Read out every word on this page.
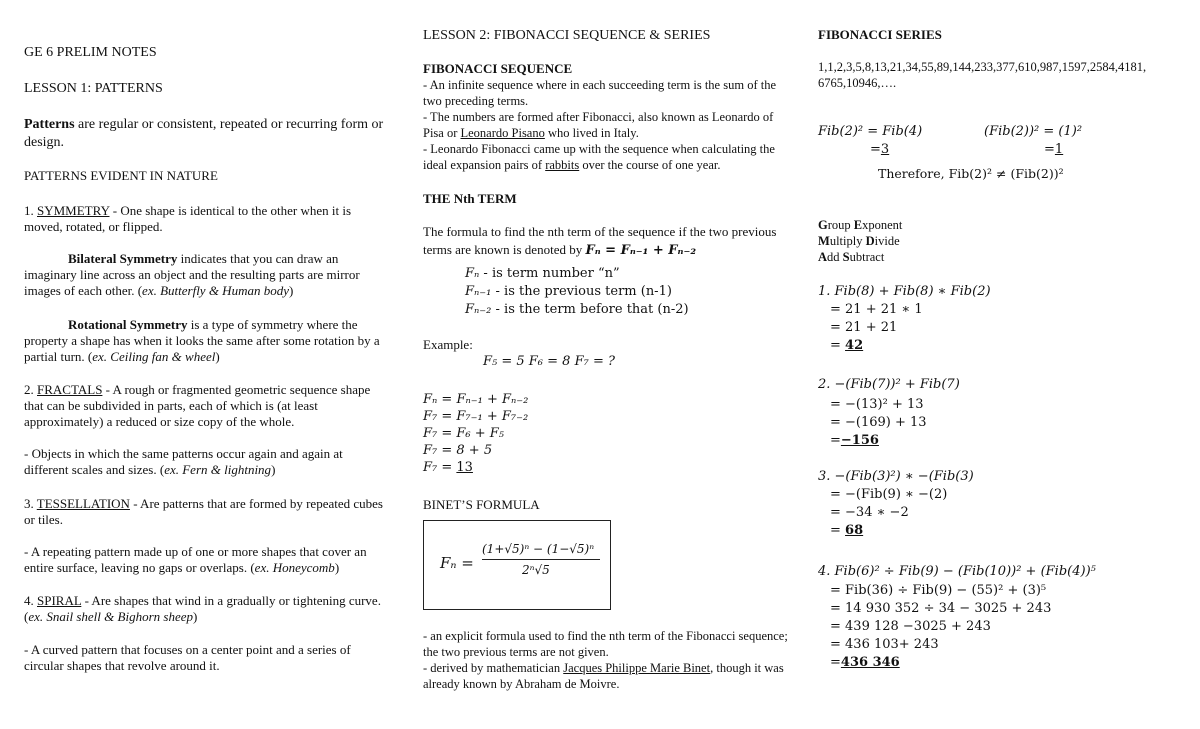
GE 6 PRELIM NOTES

LESSON 1: PATTERNS

Patterns are regular or consistent, repeated or recurring form or design.

PATTERNS EVIDENT IN NATURE

1. SYMMETRY - One shape is identical to the other when it is moved, rotated, or flipped.

Bilateral Symmetry indicates that you can draw an imaginary line across an object and the resulting parts are mirror images of each other. (ex. Butterfly & Human body)

Rotational Symmetry is a type of symmetry where the property a shape has when it looks the same after some rotation by a partial turn. (ex. Ceiling fan & wheel)

2. FRACTALS - A rough or fragmented geometric sequence shape that can be subdivided in parts, each of which is (at least approximately) a reduced or size copy of the whole.

- Objects in which the same patterns occur again and again at different scales and sizes. (ex. Fern & lightning)

3. TESSELLATION - Are patterns that are formed by repeated cubes or tiles.

- A repeating pattern made up of one or more shapes that cover an entire surface, leaving no gaps or overlaps. (ex. Honeycomb)

4. SPIRAL - Are shapes that wind in a gradually or tightening curve. (ex. Snail shell & Bighorn sheep)

- A curved pattern that focuses on a center point and a series of circular shapes that revolve around it.

LESSON 2: FIBONACCI SEQUENCE & SERIES

FIBONACCI SEQUENCE

- An infinite sequence where in each succeeding term is the sum of the two preceding terms.

- The numbers are formed after Fibonacci, also known as Leonardo of Pisa or Leonardo Pisano who lived in Italy.

- Leonardo Fibonacci came up with the sequence when calculating the ideal expansion pairs of rabbits over the course of one year.

THE Nth TERM

The formula to find the nth term of the sequence if the two previous terms are known is denoted by Fₙ = Fₙ₋₁ + Fₙ₋₂

Fₙ - is term number “n”
Fₙ₋₁ - is the previous term (n-1)
Fₙ₋₂ - is the term before that (n-2)

Example:

F₅ = 5 F₆ = 8 F₇ = ?
Fₙ = Fₙ₋₁ + Fₙ₋₂
F₇ = F₇₋₁ + F₇₋₂
F₇ = F₆ + F₅
F₇ = 8 + 5
F₇ = 13

BINET’S FORMULA

Fₙ =
(1+√5)ⁿ − (1−√5)ⁿ
2ⁿ√5

- an explicit formula used to find the nth term of the Fibonacci sequence; the two previous terms are not given.

- derived by mathematician Jacques Philippe Marie Binet, though it was already known by Abraham de Moivre.

FIBONACCI SERIES

1,1,2,3,5,8,13,21,34,55,89,144,233,377,610,987,1597,2584,4181, 6765,10946,….

Fib(2)² = Fib(4)
=3
(Fib(2))² = (1)²
=1
Therefore, Fib(2)² ≠ (Fib(2))²
Group Exponent
Multiply Divide
Add Subtract
1. Fib(8) + Fib(8) ∗ Fib(2)
= 21 + 21 ∗ 1
= 21 + 21
= 42
2. −(Fib(7))² + Fib(7)
= −(13)² + 13
= −(169) + 13
=−156
3. −(Fib(3)²) ∗ −(Fib(3)
= −(Fib(9) ∗ −(2)
= −34 ∗ −2
= 68
4. Fib(6)² ÷ Fib(9) − (Fib(10))² + (Fib(4))⁵
= Fib(36) ÷ Fib(9) − (55)² + (3)⁵
= 14 930 352 ÷ 34 − 3025 + 243
= 439 128 −3025 + 243
= 436 103+ 243
=436 346
